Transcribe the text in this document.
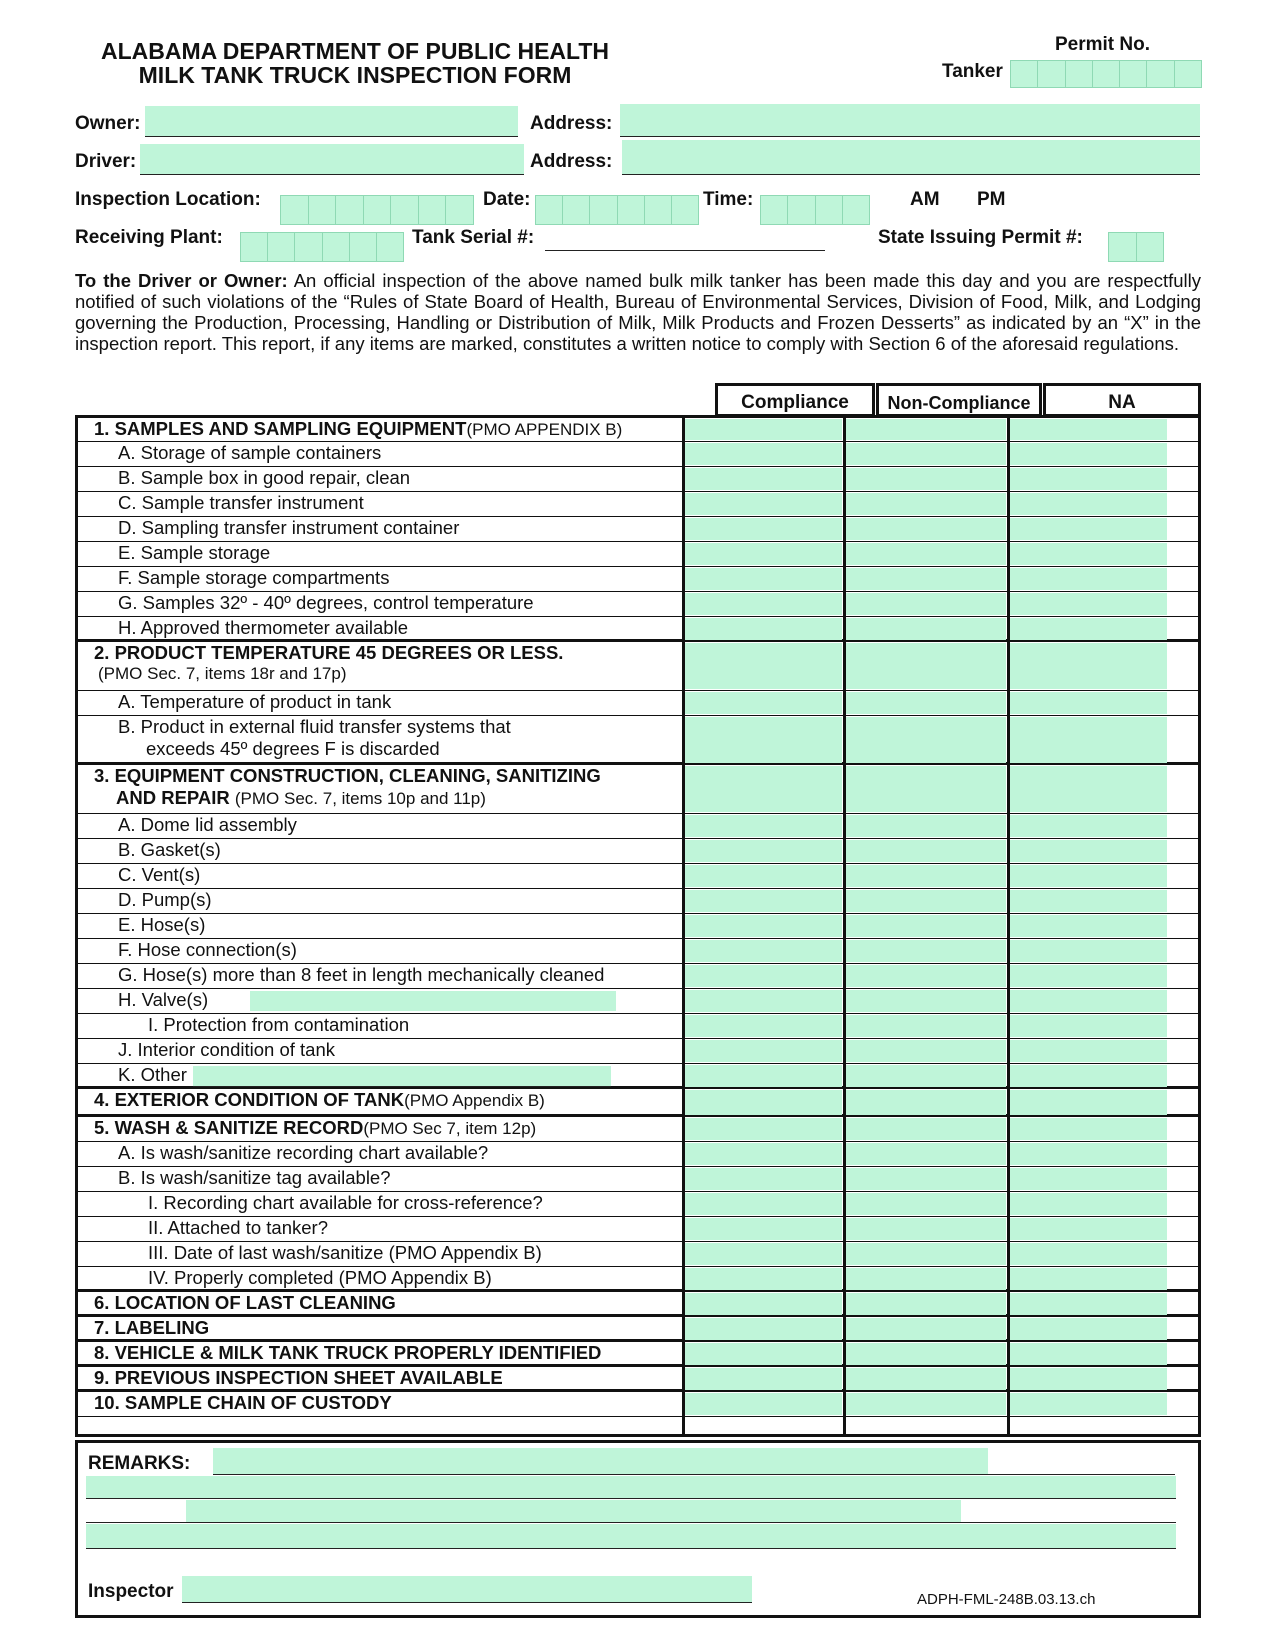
ALABAMA DEPARTMENT OF PUBLIC HEALTH
MILK TANK TRUCK INSPECTION FORM
Permit No.
Tanker
Owner:	Address:
Driver:	Address:
Inspection Location:	Date:	Time:	AM PM
Receiving Plant:	Tank Serial #:	State Issuing Permit #:
To the Driver or Owner: An official inspection of the above named bulk milk tanker has been made this day and you are respectfully notified of such violations of the “Rules of State Board of Health, Bureau of Environmental Services, Division of Food, Milk, and Lodging governing the Production, Processing, Handling or Distribution of Milk, Milk Products and Frozen Desserts” as indicated by an “X” in the inspection report. This report, if any items are marked, constitutes a written notice to comply with Section 6 of the aforesaid regulations.
Compliance	Non-Compliance	NA
1. SAMPLES AND SAMPLING EQUIPMENT(PMO APPENDIX B)
A. Storage of sample containers
B. Sample box in good repair, clean
C. Sample transfer instrument
D. Sampling transfer instrument container
E. Sample storage
F. Sample storage compartments
G. Samples 32º - 40º degrees, control temperature
H. Approved thermometer available
2. PRODUCT TEMPERATURE 45 DEGREES OR LESS.
(PMO Sec. 7, items 18r and 17p)
A. Temperature of product in tank
B. Product in external fluid transfer systems that
exceeds 45º degrees F is discarded
3. EQUIPMENT CONSTRUCTION, CLEANING, SANITIZING
AND REPAIR (PMO Sec. 7, items 10p and 11p)
A. Dome lid assembly
B. Gasket(s)
C. Vent(s)
D. Pump(s)
E. Hose(s)
F. Hose connection(s)
G. Hose(s) more than 8 feet in length mechanically cleaned
H. Valve(s)
I. Protection from contamination
J. Interior condition of tank
K. Other
4. EXTERIOR CONDITION OF TANK(PMO Appendix B)
5. WASH & SANITIZE RECORD(PMO Sec 7, item 12p)
A. Is wash/sanitize recording chart available?
B. Is wash/sanitize tag available?
I. Recording chart available for cross-reference?
II. Attached to tanker?
III. Date of last wash/sanitize (PMO Appendix B)
IV. Properly completed (PMO Appendix B)
6. LOCATION OF LAST CLEANING
7. LABELING
8. VEHICLE & MILK TANK TRUCK PROPERLY IDENTIFIED
9. PREVIOUS INSPECTION SHEET AVAILABLE
10. SAMPLE CHAIN OF CUSTODY
REMARKS:
Inspector	ADPH-FML-248B.03.13.ch
